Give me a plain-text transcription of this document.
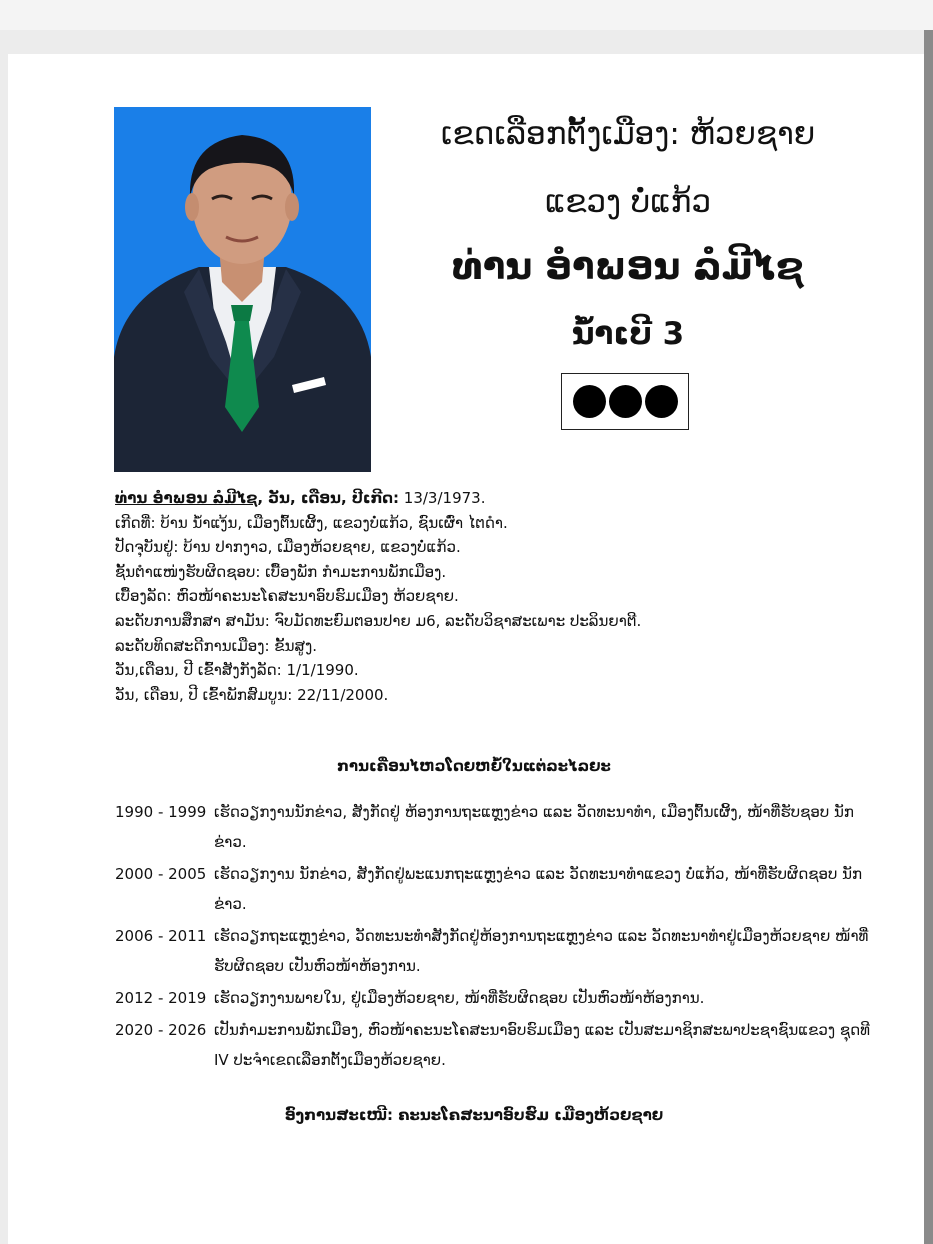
ເຂດເລືອກຕັ້ງເມືອງ: ຫ້ວຍຊາຍ
ແຂວງ ບໍ່ແກ້ວ
ທ່ານ ອຳພອນ ລໍມີໄຊ
ນໍ້າເບີ 3
ທ່ານ ອຳພອນ ລໍມີໄຊ, ວັນ, ເດືອນ, ປີເກີດ: 13/3/1973.
ເກີດທີ່: ບ້ານ ນໍ້າແງ້ນ, ເມືອງຕົ້ນເຜິ້ງ, ແຂວງບໍ່ແກ້ວ, ຊົນເຜົ່າ ໄຕດຳ.
ປັດຈຸບັນຢູ່: ບ້ານ ປາກງາວ, ເມືອງຫ້ວຍຊາຍ, ແຂວງບໍ່ແກ້ວ.
ຊັ້ນຕໍາແໜ່ງຮັບຜິດຊອບ: ເບື້ອງພັກ ກໍາມະການພັກເມືອງ.
ເບື້ອງລັດ: ຫົວໜ້າຄະນະໂຄສະນາອົບຮົມເມືອງ ຫ້ວຍຊາຍ.
ລະດັບການສຶກສາ ສາມັນ: ຈົບມັດທະຍົມຕອນປາຍ ມ6, ລະດັບວິຊາສະເພາະ ປະລິນຍາຕີ.
ລະດັບທິດສະດີການເມືອງ: ຂັ້ນສູງ.
ວັນ,ເດືອນ, ປີ ເຂົ້າສັງກັງລັດ: 1/1/1990.
ວັນ, ເດືອນ, ປີ ເຂົ້າພັກສົມບູນ: 22/11/2000.
ການເຄື່ອນໄຫວໂດຍຫຍໍ້ໃນແຕ່ລະໄລຍະ
1990 - 1999 ເຮັດວຽກງານນັກຂ່າວ, ສັງກັດຢູ່ ຫ້ອງການຖະແຫຼງຂ່າວ ແລະ ວັດທະນາທໍາ, ເມືອງຕົ້ນເຜິ້ງ, ໜ້າທີ່ຮັບຊອບ ນັກຂ່າວ.
2000 - 2005 ເຮັດວຽກງານ ນັກຂ່າວ, ສັງກັດຢູ່ພະແນກຖະແຫຼງຂ່າວ ແລະ ວັດທະນາທໍາແຂວງ ບໍ່ແກ້ວ, ໜ້າທີ່ຮັບຜິດຊອບ ນັກຂ່າວ.
2006 - 2011 ເຮັດວຽກຖະແຫຼງຂ່າວ, ວັດທະນະທໍາສັງກັດຢູ່ຫ້ອງການຖະແຫຼງຂ່າວ ແລະ ວັດທະນາທໍາຢູ່ເມືອງຫ້ວຍຊາຍ ໜ້າທີ່ຮັບຜິດຊອບ ເປັນຫົວໜ້າຫ້ອງການ.
2012 - 2019 ເຮັດວຽກງານພາຍໃນ, ຢູ່ເມືອງຫ້ວຍຊາຍ, ໜ້າທີ່ຮັບຜິດຊອບ ເປັນຫົວໜ້າຫ້ອງການ.
2020 - 2026 ເປັນກໍາມະການພັກເມືອງ, ຫົວໜ້າຄະນະໂຄສະນາອົບຮົມເມືອງ ແລະ ເປັນສະມາຊິກສະພາປະຊາຊົນແຂວງ ຊຸດທີ IV ປະຈຳເຂດເລືອກຕັ້ງເມືອງຫ້ວຍຊາຍ.
ອົງການສະເໜີ: ຄະນະໂຄສະນາອົບຮົມ ເມືອງຫ້ວຍຊາຍ
